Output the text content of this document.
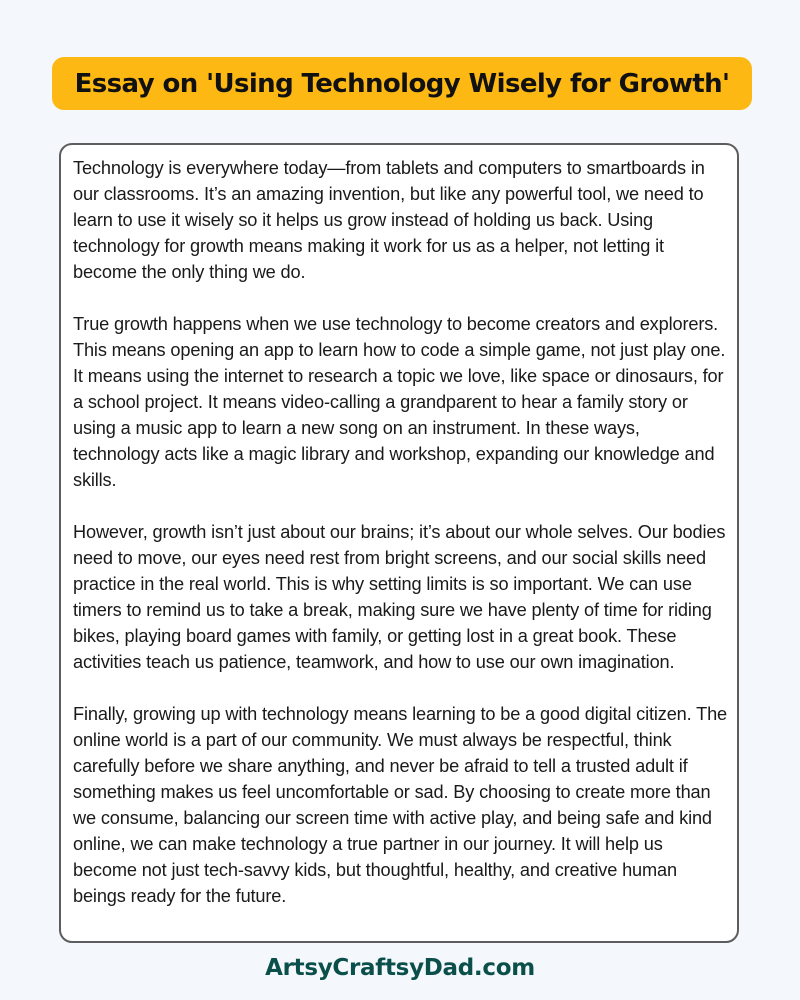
Essay on 'Using Technology Wisely for Growth'

Technology is everywhere today—from tablets and computers to smartboards in our classrooms. It’s an amazing invention, but like any powerful tool, we need to learn to use it wisely so it helps us grow instead of holding us back. Using technology for growth means making it work for us as a helper, not letting it become the only thing we do.

True growth happens when we use technology to become creators and explorers. This means opening an app to learn how to code a simple game, not just play one. It means using the internet to research a topic we love, like space or dinosaurs, for a school project. It means video-calling a grandparent to hear a family story or using a music app to learn a new song on an instrument. In these ways, technology acts like a magic library and workshop, expanding our knowledge and skills.

However, growth isn’t just about our brains; it’s about our whole selves. Our bodies need to move, our eyes need rest from bright screens, and our social skills need practice in the real world. This is why setting limits is so important. We can use timers to remind us to take a break, making sure we have plenty of time for riding bikes, playing board games with family, or getting lost in a great book. These activities teach us patience, teamwork, and how to use our own imagination.

Finally, growing up with technology means learning to be a good digital citizen. The online world is a part of our community. We must always be respectful, think carefully before we share anything, and never be afraid to tell a trusted adult if something makes us feel uncomfortable or sad. By choosing to create more than we consume, balancing our screen time with active play, and being safe and kind online, we can make technology a true partner in our journey. It will help us become not just tech-savvy kids, but thoughtful, healthy, and creative human beings ready for the future.

ArtsyCraftsyDad.com
